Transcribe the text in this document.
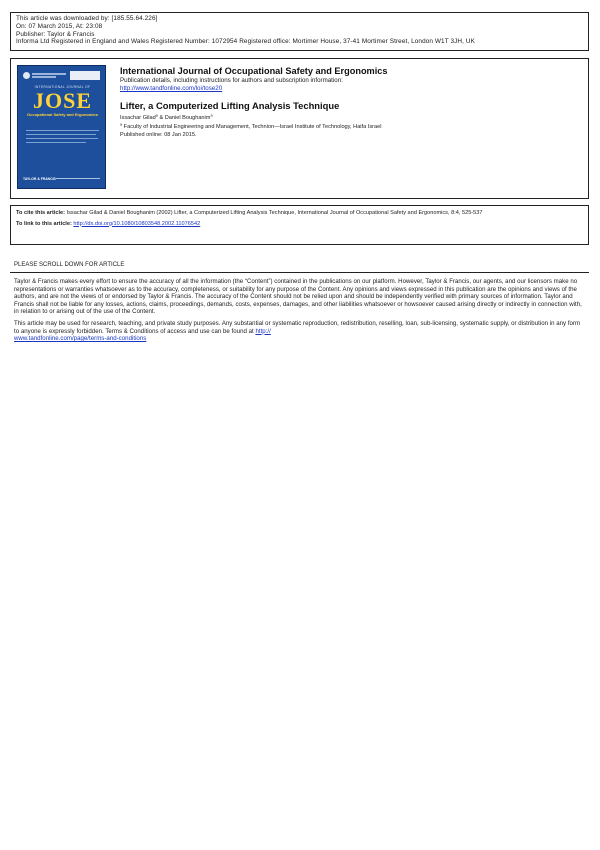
This article was downloaded by: [185.55.64.226]
On: 07 March 2015, At: 23:08
Publisher: Taylor & Francis
Informa Ltd Registered in England and Wales Registered Number: 1072954 Registered office: Mortimer House, 37-41 Mortimer Street, London W1T 3JH, UK
INTERNATIONAL JOURNAL OF
JOSE
Occupational Safety and Ergonomics
TAYLOR & FRANCIS
International Journal of Occupational Safety and Ergonomics
Publication details, including instructions for authors and subscription information:
http://www.tandfonline.com/loi/tose20
Lifter, a Computerized Lifting Analysis Technique
Issachar Gilad$^a$ & Daniel Boughanim$^a$
$^a$ Faculty of Industrial Engineering and Management, Technion—Israel Institute of Technology, Haifa Israel
Published online: 08 Jan 2015.
To cite this article: Issachar Gilad & Daniel Boughanim (2002) Lifter, a Computerized Lifting Analysis Technique, International Journal of Occupational Safety and Ergonomics, 8:4, 525-537
To link to this article: http://dx.doi.org/10.1080/10803548.2002.11076542
PLEASE SCROLL DOWN FOR ARTICLE

Taylor & Francis makes every effort to ensure the accuracy of all the information (the “Content”) contained in the publications on our platform. However, Taylor & Francis, our agents, and our licensors make no representations or warranties whatsoever as to the accuracy, completeness, or suitability for any purpose of the Content. Any opinions and views expressed in this publication are the opinions and views of the authors, and are not the views of or endorsed by Taylor & Francis. The accuracy of the Content should not be relied upon and should be independently verified with primary sources of information. Taylor and Francis shall not be liable for any losses, actions, claims, proceedings, demands, costs, expenses, damages, and other liabilities whatsoever or howsoever caused arising directly or indirectly in connection with, in relation to or arising out of the use of the Content.

This article may be used for research, teaching, and private study purposes. Any substantial or systematic reproduction, redistribution, reselling, loan, sub-licensing, systematic supply, or distribution in any form to anyone is expressly forbidden. Terms & Conditions of access and use can be found at http://
www.tandfonline.com/page/terms-and-conditions
